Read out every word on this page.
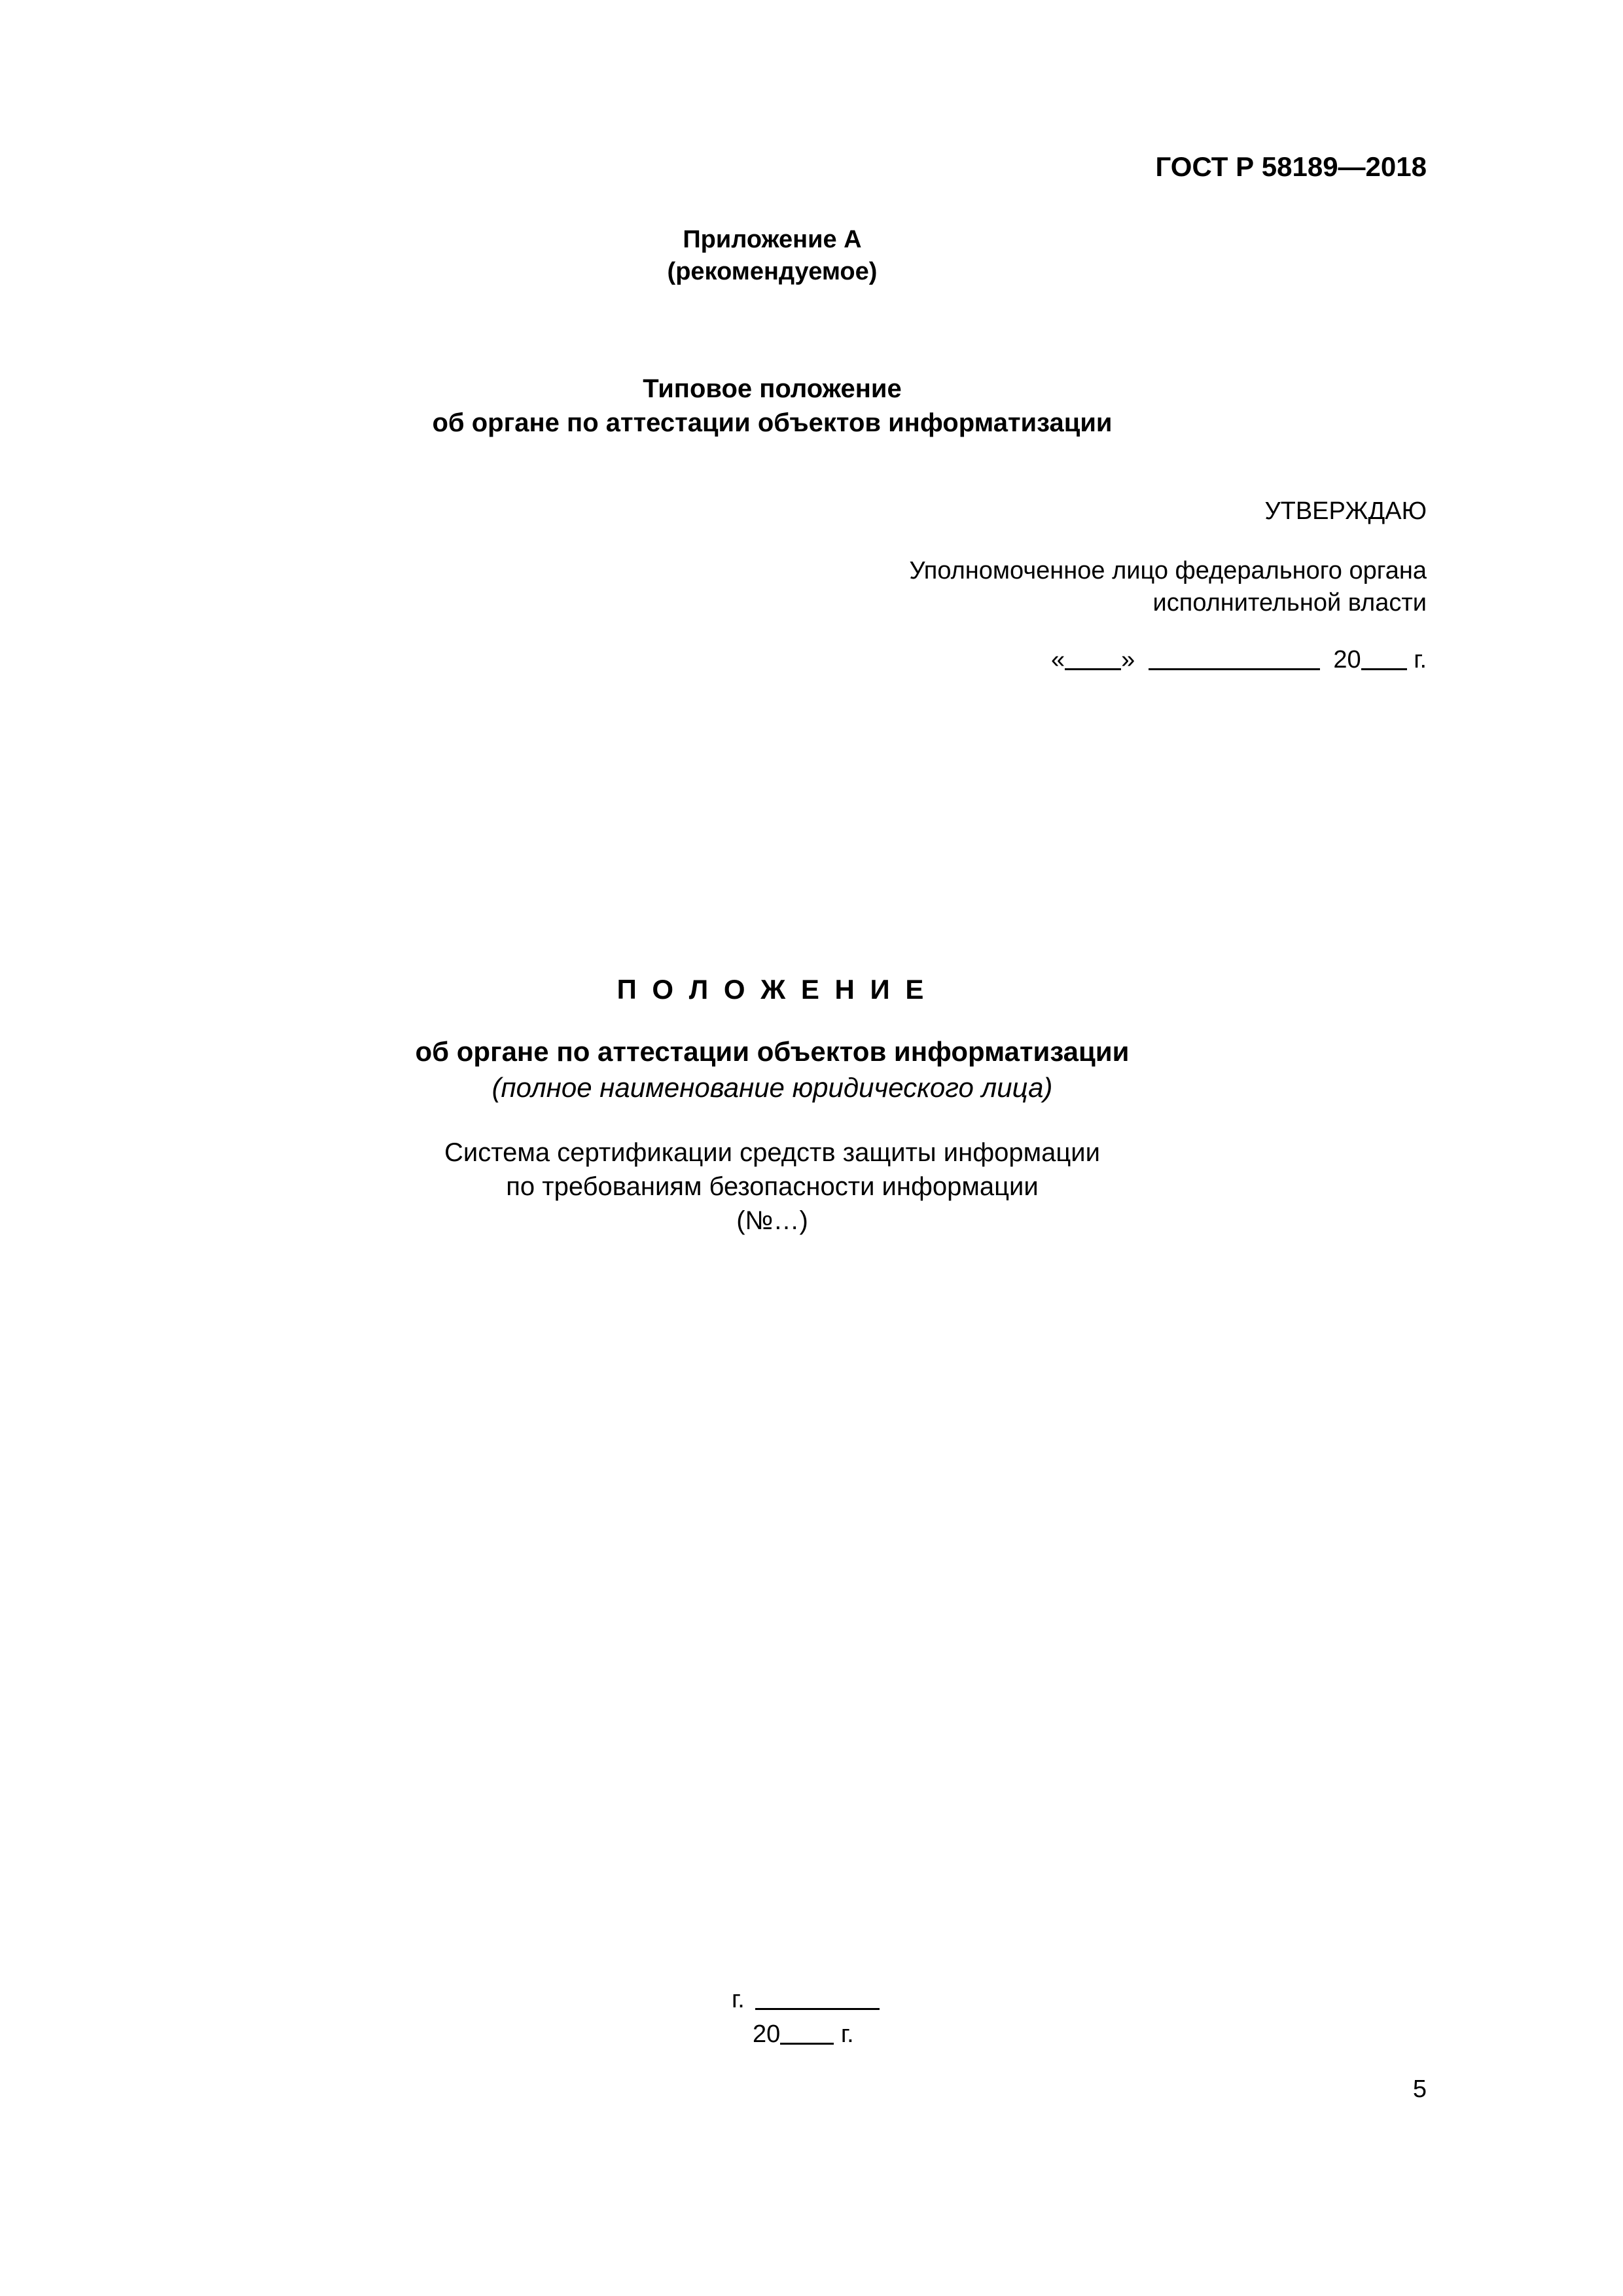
ГОСТ Р 58189—2018
Приложение А
(рекомендуемое)
Типовое положение
об органе по аттестации объектов информатизации
УТВЕРЖДАЮ
Уполномоченное лицо федерального органа
исполнительной власти
« »	20 г.
П О Л О Ж Е Н И Е
об органе по аттестации объектов информатизации
(полное наименование юридического лица)
Система сертификации средств защиты информации
по требованиям безопасности информации
(№…)
г.
20 г.
5
